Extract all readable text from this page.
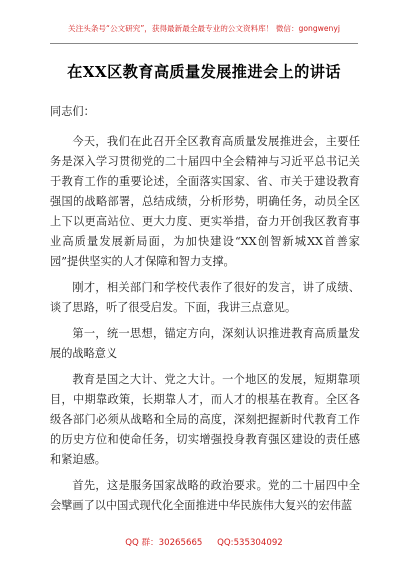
关注头条号“公文研究”，获得最新最全最专业的公文资料库！ 微信：gongwenyj
在XX区教育高质量发展推进会上的讲话

同志们：

今天，我们在此召开全区教育高质量发展推进会，主要任务是深入学习贯彻党的二十届四中全会精神与习近平总书记关于教育工作的重要论述，全面落实国家、省、市关于建设教育强国的战略部署，总结成绩，分析形势，明确任务，动员全区上下以更高站位、更大力度、更实举措，奋力开创我区教育事业高质量发展新局面，为加快建设“XX创智新城XX首善家园”提供坚实的人才保障和智力支撑。

刚才，相关部门和学校代表作了很好的发言，讲了成绩、谈了思路，听了很受启发。下面，我讲三点意见。

第一，统一思想，锚定方向，深刻认识推进教育高质量发展的战略意义

教育是国之大计、党之大计。一个地区的发展，短期靠项目，中期靠政策，长期靠人才，而人才的根基在教育。全区各级各部门必须从战略和全局的高度，深刻把握新时代教育工作的历史方位和使命任务，切实增强投身教育强区建设的责任感和紧迫感。

首先，这是服务国家战略的政治要求。党的二十届四中全会擘画了以中国式现代化全面推进中华民族伟大复兴的宏伟蓝

QQ 群：30265665 QQ:535304092
